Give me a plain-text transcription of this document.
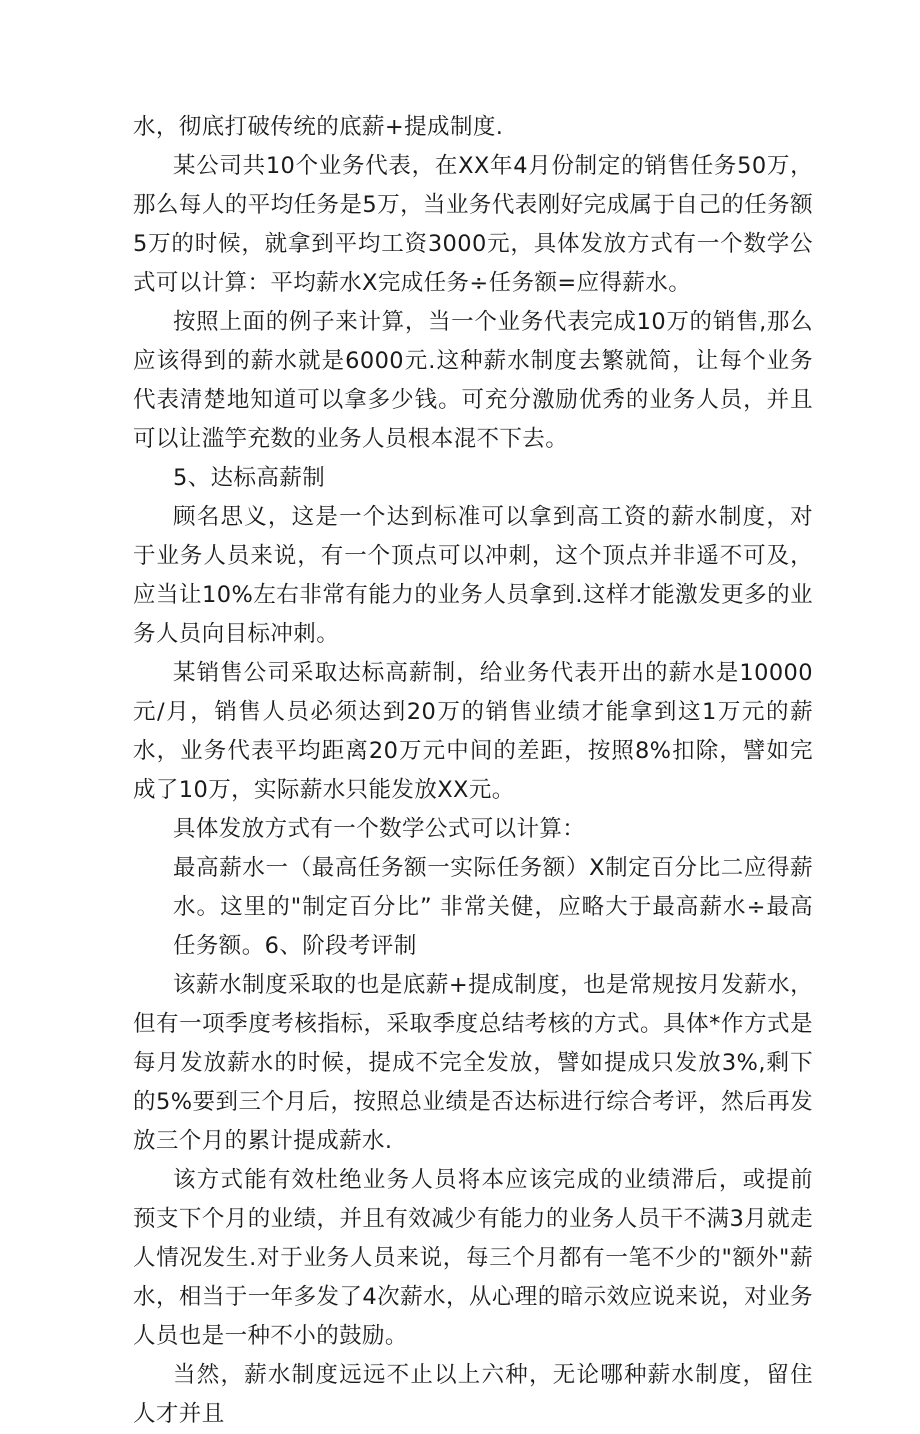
水，彻底打破传统的底薪+提成制度.

某公司共10个业务代表，在XX年4月份制定的销售任务50万，那么每人的平均任务是5万，当业务代表刚好完成属于自己的任务额5万的时候，就拿到平均工资3000元，具体发放方式有一个数学公式可以计算：平均薪水X完成任务÷任务额=应得薪水。

按照上面的例子来计算，当一个业务代表完成10万的销售,那么应该得到的薪水就是6000元.这种薪水制度去繁就简，让每个业务代表清楚地知道可以拿多少钱。可充分激励优秀的业务人员，并且可以让滥竽充数的业务人员根本混不下去。

5、达标高薪制

顾名思义，这是一个达到标准可以拿到高工资的薪水制度，对于业务人员来说，有一个顶点可以冲刺，这个顶点并非遥不可及，应当让10%左右非常有能力的业务人员拿到.这样才能激发更多的业务人员向目标冲刺。

某销售公司采取达标高薪制，给业务代表开出的薪水是10000元/月，销售人员必须达到20万的销售业绩才能拿到这1万元的薪水，业务代表平均距离20万元中间的差距，按照8%扣除，譬如完成了10万，实际薪水只能发放XX元。

具体发放方式有一个数学公式可以计算：

最高薪水一（最高任务额一实际任务额）X制定百分比二应得薪水。这里的"制定百分比” 非常关健，应略大于最高薪水÷最高任务额。6、阶段考评制

该薪水制度采取的也是底薪+提成制度，也是常规按月发薪水，但有一项季度考核指标，采取季度总结考核的方式。具体*作方式是每月发放薪水的时候，提成不完全发放，譬如提成只发放3%,剩下的5%要到三个月后，按照总业绩是否达标进行综合考评，然后再发放三个月的累计提成薪水.

该方式能有效杜绝业务人员将本应该完成的业绩滞后，或提前预支下个月的业绩，并且有效减少有能力的业务人员干不满3月就走人情况发生.对于业务人员来说，每三个月都有一笔不少的"额外"薪水，相当于一年多发了4次薪水，从心理的暗示效应说来说，对业务人员也是一种不小的鼓励。

当然，薪水制度远远不止以上六种，无论哪种薪水制度，留住人才并且
